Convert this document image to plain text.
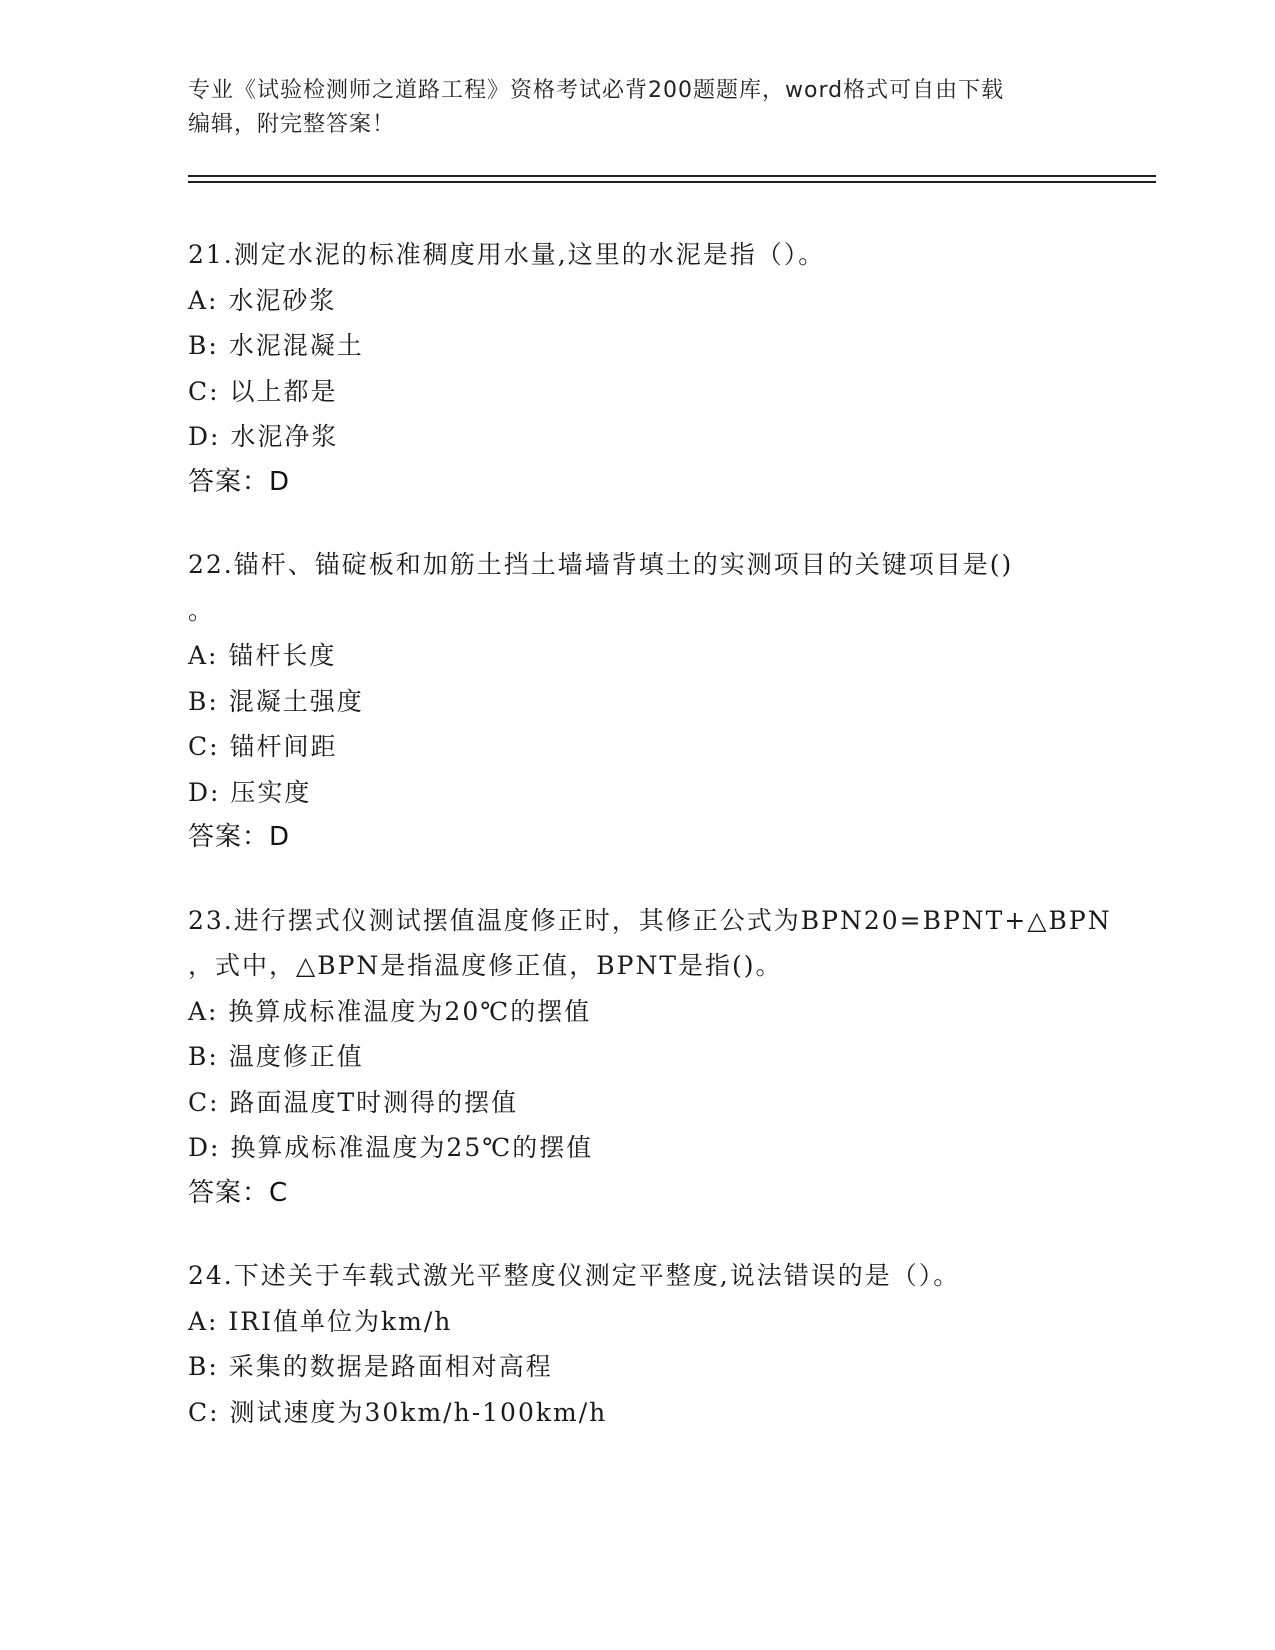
专业《试验检测师之道路工程》资格考试必背200题题库，word格式可自由下载
编辑，附完整答案！
21.测定水泥的标准稠度用水量,这里的水泥是指（）。
A: 水泥砂浆
B: 水泥混凝土
C: 以上都是
D: 水泥净浆
答案：D
22.锚杆、锚碇板和加筋土挡土墙墙背填土的实测项目的关键项目是()
。
A: 锚杆长度
B: 混凝土强度
C: 锚杆间距
D: 压实度
答案：D
23.进行摆式仪测试摆值温度修正时，其修正公式为BPN20=BPNT+△BPN
，式中，△BPN是指温度修正值，BPNT是指()。
A: 换算成标准温度为20℃的摆值
B: 温度修正值
C: 路面温度T时测得的摆值
D: 换算成标准温度为25℃的摆值
答案：C
24.下述关于车载式激光平整度仪测定平整度,说法错误的是（）。
A: IRI值单位为km/h
B: 采集的数据是路面相对高程
C: 测试速度为30km/h-100km/h
